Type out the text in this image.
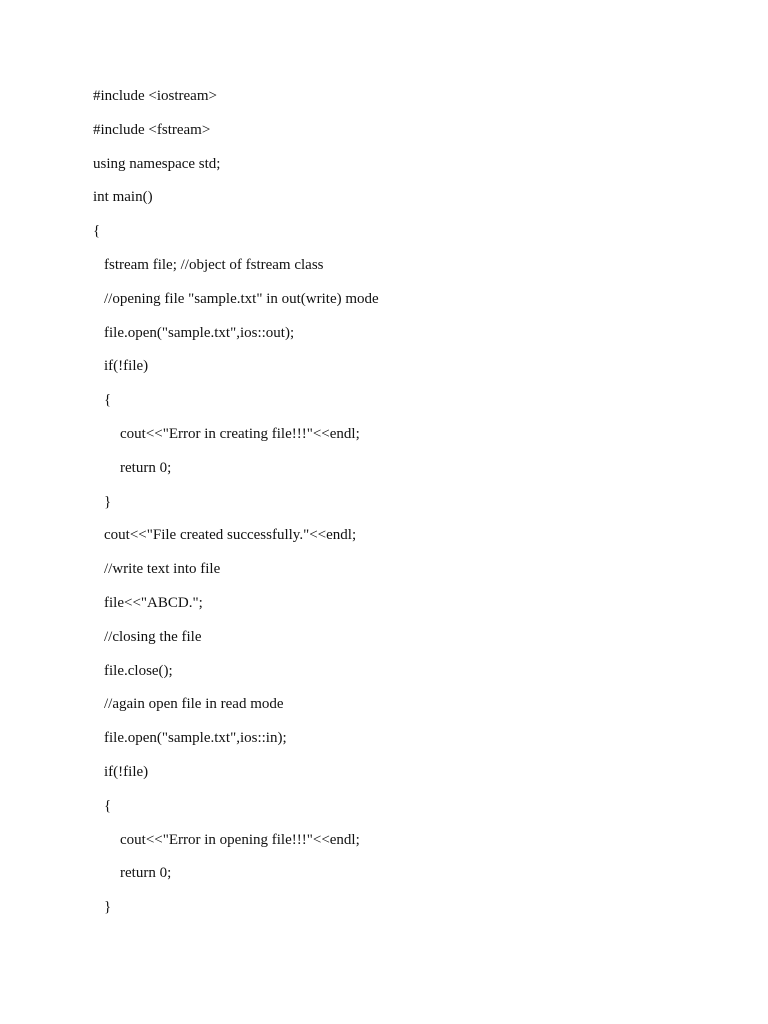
#include <iostream>
#include <fstream>
using namespace std;
int main()
{
fstream file; //object of fstream class
//opening file "sample.txt" in out(write) mode
file.open("sample.txt",ios::out);
if(!file)
{
cout<<"Error in creating file!!!"<<endl;
return 0;
}
cout<<"File created successfully."<<endl;
//write text into file
file<<"ABCD.";
//closing the file
file.close();
//again open file in read mode
file.open("sample.txt",ios::in);
if(!file)
{
cout<<"Error in opening file!!!"<<endl;
return 0;
}
